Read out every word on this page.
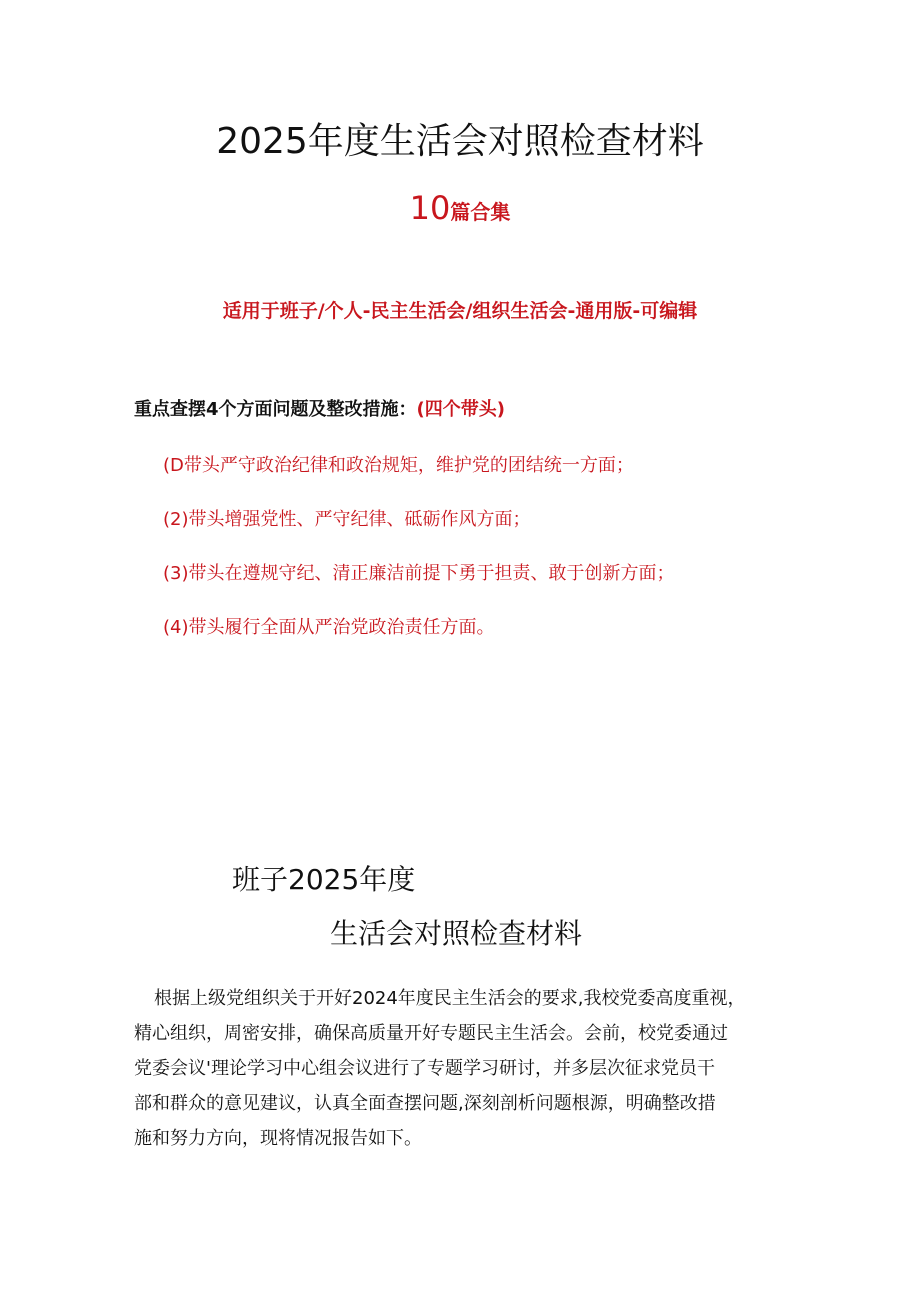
2025年度生活会对照检查材料
10篇合集
适用于班子/个人-民主生活会/组织生活会-通用版-可编辑
重点查摆4个方面问题及整改措施：(四个带头)
(D带头严守政治纪律和政治规矩，维护党的团结统一方面；
(2)带头增强党性、严守纪律、砥砺作风方面；
(3)带头在遵规守纪、清正廉洁前提下勇于担责、敢于创新方面；
(4)带头履行全面从严治党政治责任方面。
班子2025年度
生活会对照检查材料
根据上级党组织关于开好2024年度民主生活会的要求,我校党委高度重视，
精心组织，周密安排，确保高质量开好专题民主生活会。会前，校党委通过
党委会议'理论学习中心组会议进行了专题学习研讨，并多层次征求党员干
部和群众的意见建议，认真全面查摆问题,深刻剖析问题根源，明确整改措
施和努力方向，现将情况报告如下。
